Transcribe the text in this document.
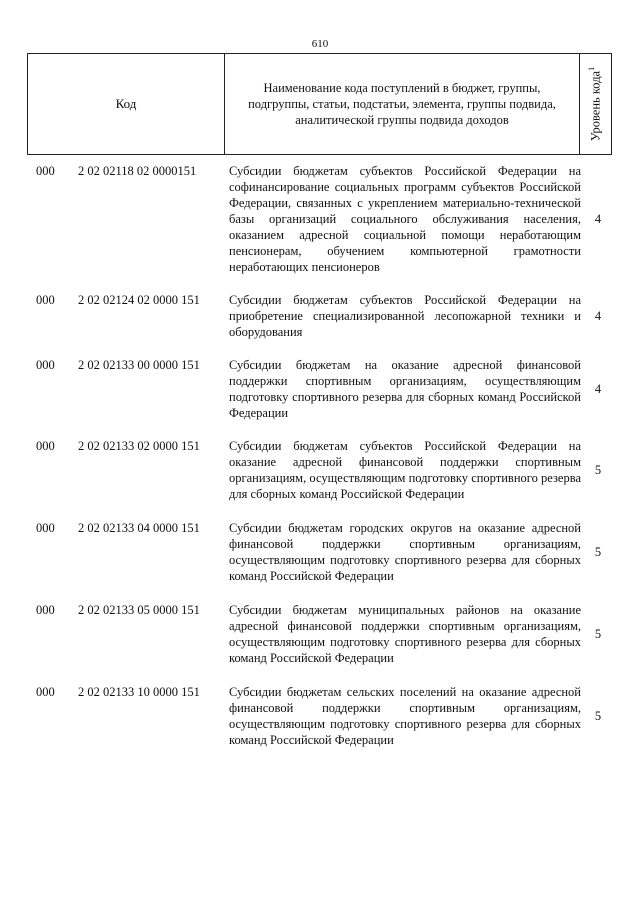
610
Код
Наименование кода поступлений в бюджет, группы, подгруппы, статьи, подстатьи, элемента, группы подвида, аналитической группы подвида доходов	Уровень кода$^1$
000 2 02 02118 02 0000151	Субсидии бюджетам субъектов Российской Федерации на софинансирование социальных программ субъектов Российской Федерации, связанных с укреплением материально-технической базы организаций социального обслуживания населения, оказанием адресной социальной помощи неработающим пенсионерам, обучением компьютерной грамотности неработающих пенсионеров
4
000 2 02 02124 02 0000 151 Субсидии бюджетам субъектов Российской Федерации на приобретение специализированной лесопожарной техники и оборудования
4
000 2 02 02133 00 0000 151 Субсидии бюджетам на оказание адресной финансовой поддержки спортивным организациям, осуществляющим подготовку спортивного резерва для сборных команд Российской Федерации
4
000 2 02 02133 02 0000 151 Субсидии бюджетам субъектов Российской Федерации на оказание адресной финансовой поддержки спортивным организациям, осуществляющим подготовку спортивного резерва для сборных команд Российской Федерации
5
000 2 02 02133 04 0000 151 Субсидии бюджетам городских округов на оказание адресной финансовой поддержки спортивным организациям, осуществляющим подготовку спортивного резерва для сборных команд Российской Федерации
5
000 2 02 02133 05 0000 151 Субсидии бюджетам муниципальных районов на оказание адресной финансовой поддержки спортивным организациям, осуществляющим подготовку спортивного резерва для сборных команд Российской Федерации
5
000 2 02 02133 10 0000 151 Субсидии бюджетам сельских поселений на оказание адресной финансовой поддержки спортивным организациям, осуществляющим подготовку спортивного резерва для сборных команд Российской Федерации
5
